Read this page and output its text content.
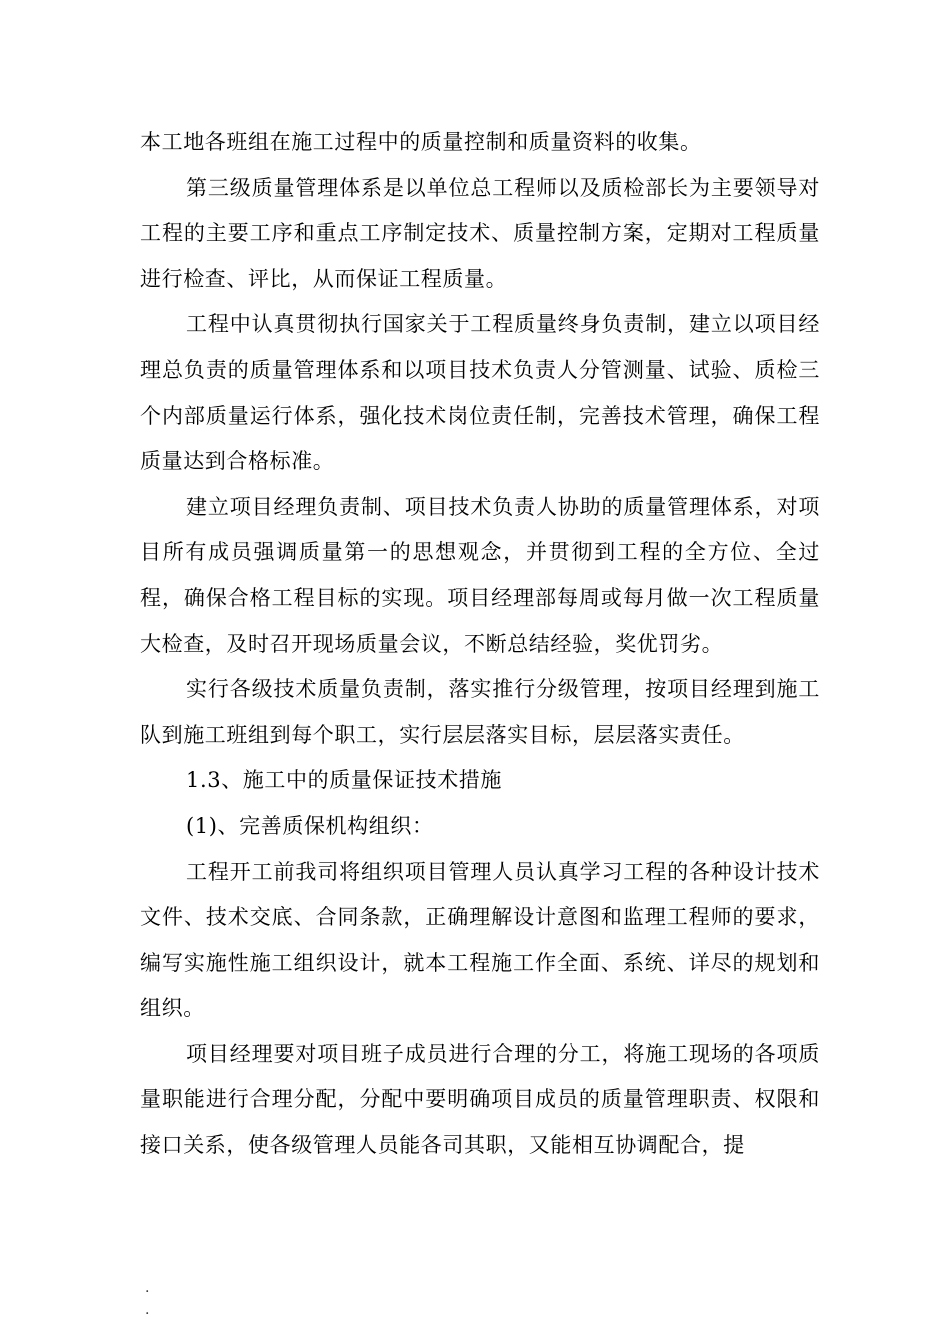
本工地各班组在施工过程中的质量控制和质量资料的收集。

第三级质量管理体系是以单位总工程师以及质检部长为主要领导对工程的主要工序和重点工序制定技术、质量控制方案，定期对工程质量进行检查、评比，从而保证工程质量。

工程中认真贯彻执行国家关于工程质量终身负责制，建立以项目经理总负责的质量管理体系和以项目技术负责人分管测量、试验、质检三个内部质量运行体系，强化技术岗位责任制，完善技术管理，确保工程质量达到合格标准。

建立项目经理负责制、项目技术负责人协助的质量管理体系，对项目所有成员强调质量第一的思想观念，并贯彻到工程的全方位、全过程，确保合格工程目标的实现。项目经理部每周或每月做一次工程质量大检查，及时召开现场质量会议，不断总结经验，奖优罚劣。

实行各级技术质量负责制，落实推行分级管理，按项目经理到施工队到施工班组到每个职工，实行层层落实目标，层层落实责任。

1.3、施工中的质量保证技术措施

(1)、完善质保机构组织：

工程开工前我司将组织项目管理人员认真学习工程的各种设计技术文件、技术交底、合同条款，正确理解设计意图和监理工程师的要求，编写实施性施工组织设计，就本工程施工作全面、系统、详尽的规划和组织。

项目经理要对项目班子成员进行合理的分工，将施工现场的各项质量职能进行合理分配，分配中要明确项目成员的质量管理职责、权限和接口关系，使各级管理人员能各司其职，又能相互协调配合，提

.
.
